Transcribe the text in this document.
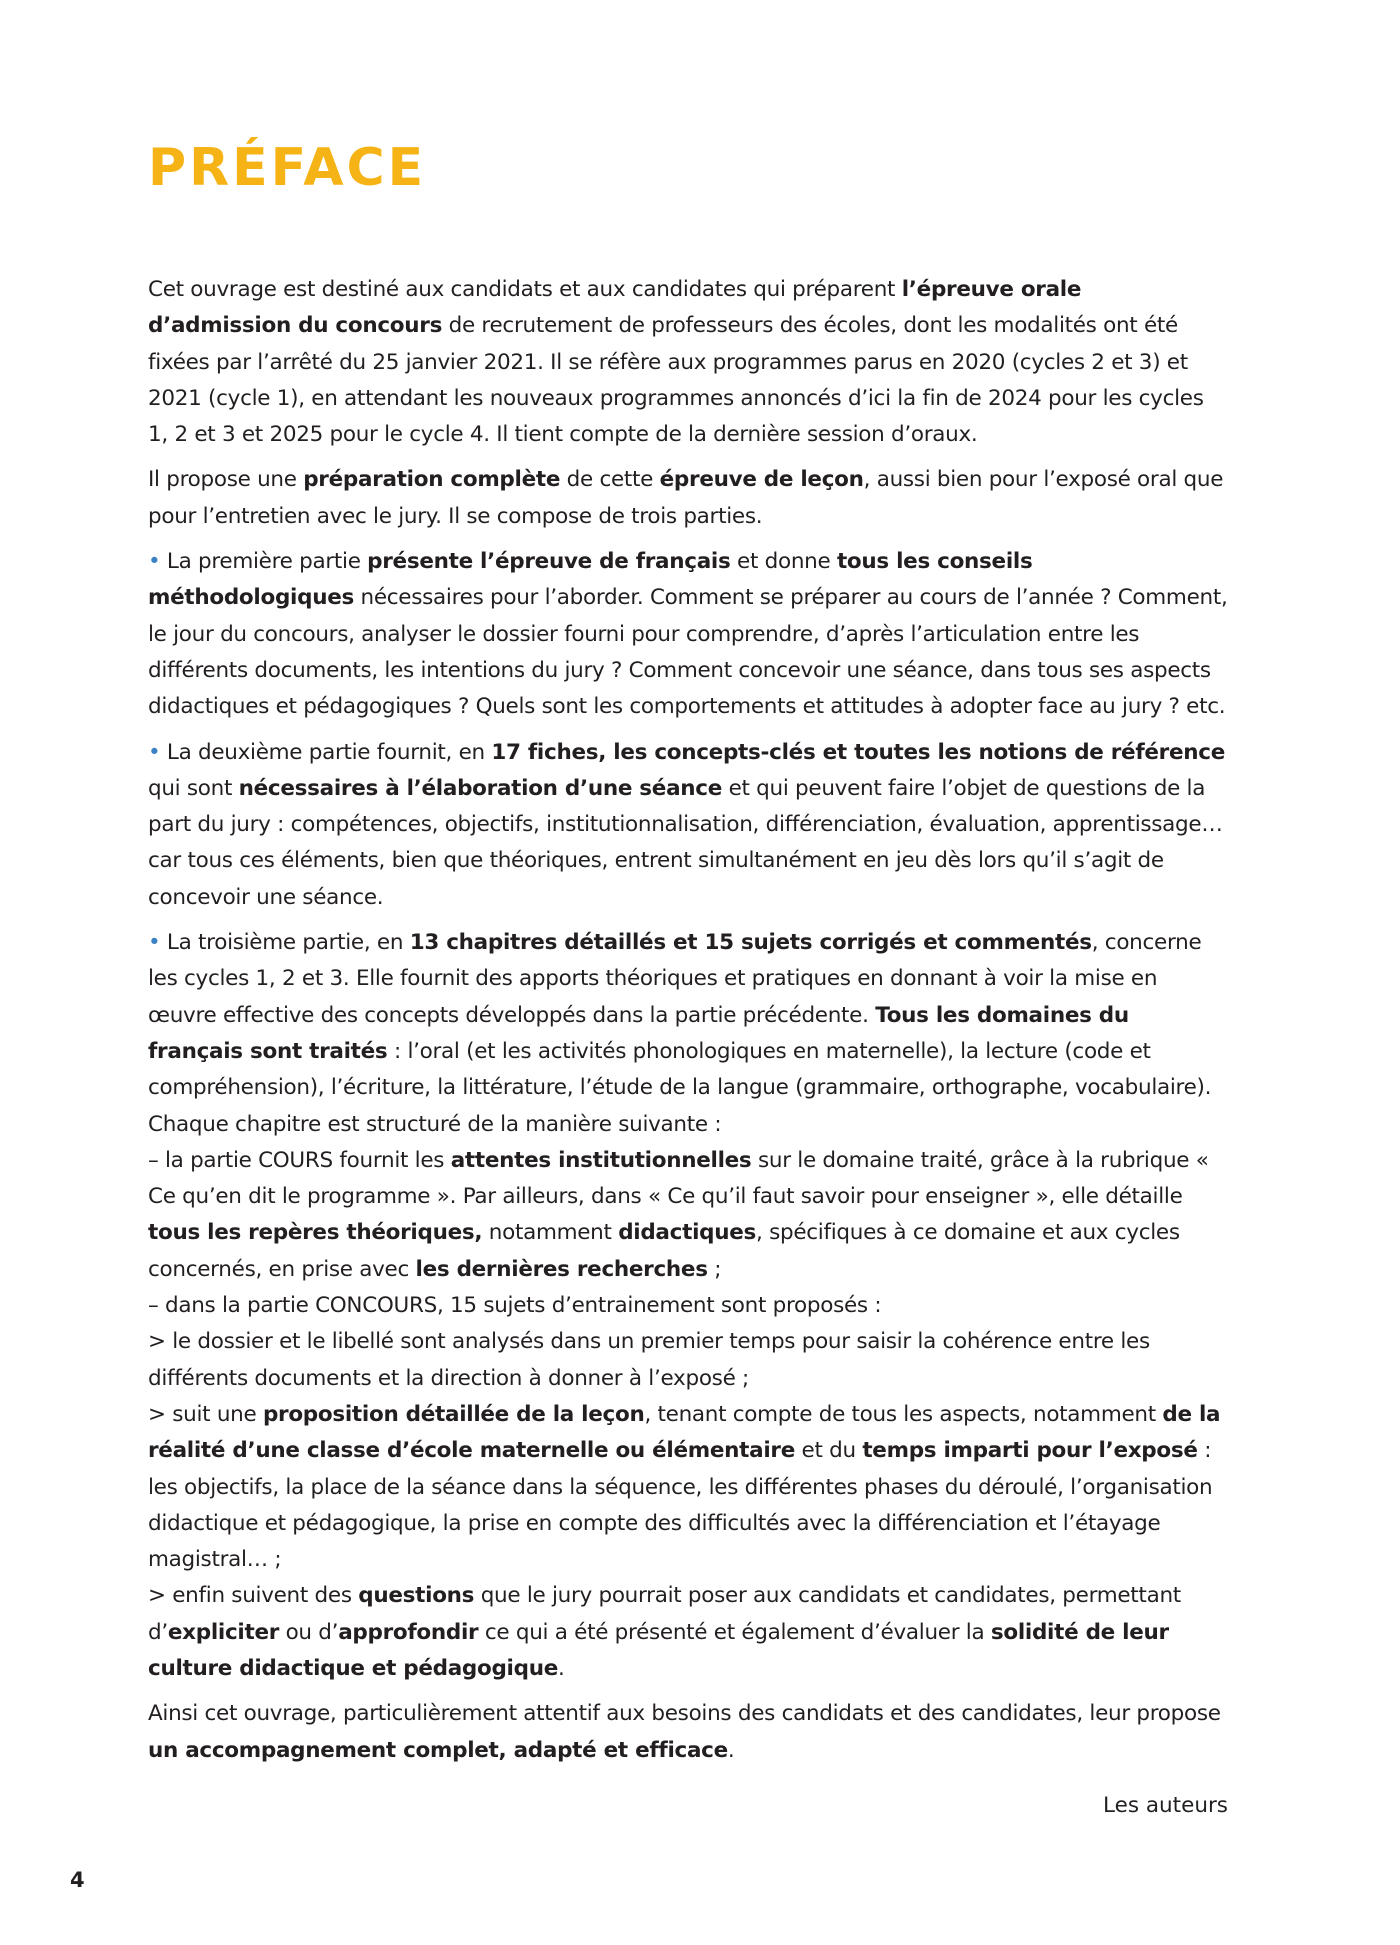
PRÉFACE

Cet ouvrage est destiné aux candidats et aux candidates qui préparent l’épreuve orale d’admission du concours de recrutement de professeurs des écoles, dont les modalités ont été fixées par l’arrêté du 25 janvier 2021. Il se réfère aux programmes parus en 2020 (cycles 2 et 3) et 2021 (cycle 1), en attendant les nouveaux programmes annoncés d’ici la fin de 2024 pour les cycles 1, 2 et 3 et 2025 pour le cycle 4. Il tient compte de la dernière session d’oraux.

Il propose une préparation complète de cette épreuve de leçon, aussi bien pour l’exposé oral que pour l’entretien avec le jury. Il se compose de trois parties.

• La première partie présente l’épreuve de français et donne tous les conseils méthodologiques nécessaires pour l’aborder. Comment se préparer au cours de l’année ? Comment, le jour du concours, analyser le dossier fourni pour comprendre, d’après l’articulation entre les différents documents, les intentions du jury ? Comment concevoir une séance, dans tous ses aspects didactiques et pédagogiques ? Quels sont les comportements et attitudes à adopter face au jury ? etc.

• La deuxième partie fournit, en 17 fiches, les concepts-clés et toutes les notions de référence qui sont nécessaires à l’élaboration d’une séance et qui peuvent faire l’objet de questions de la part du jury : compétences, objectifs, institutionnalisation, différenciation, évaluation, apprentissage… car tous ces éléments, bien que théoriques, entrent simultanément en jeu dès lors qu’il s’agit de concevoir une séance.

• La troisième partie, en 13 chapitres détaillés et 15 sujets corrigés et commentés, concerne les cycles 1, 2 et 3. Elle fournit des apports théoriques et pratiques en donnant à voir la mise en œuvre effective des concepts développés dans la partie précédente. Tous les domaines du français sont traités : l’oral (et les activités phonologiques en maternelle), la lecture (code et compréhension), l’écriture, la littérature, l’étude de la langue (grammaire, orthographe, vocabulaire). Chaque chapitre est structuré de la manière suivante :

– la partie COURS fournit les attentes institutionnelles sur le domaine traité, grâce à la rubrique « Ce qu’en dit le programme ». Par ailleurs, dans « Ce qu’il faut savoir pour enseigner », elle détaille tous les repères théoriques, notamment didactiques, spécifiques à ce domaine et aux cycles concernés, en prise avec les dernières recherches ;

– dans la partie CONCOURS, 15 sujets d’entrainement sont proposés :

> le dossier et le libellé sont analysés dans un premier temps pour saisir la cohérence entre les différents documents et la direction à donner à l’exposé ;

> suit une proposition détaillée de la leçon, tenant compte de tous les aspects, notamment de la réalité d’une classe d’école maternelle ou élémentaire et du temps imparti pour l’exposé : les objectifs, la place de la séance dans la séquence, les différentes phases du déroulé, l’organisation didactique et pédagogique, la prise en compte des difficultés avec la différenciation et l’étayage magistral… ;

> enfin suivent des questions que le jury pourrait poser aux candidats et candidates, permettant d’expliciter ou d’approfondir ce qui a été présenté et également d’évaluer la solidité de leur culture didactique et pédagogique.

Ainsi cet ouvrage, particulièrement attentif aux besoins des candidats et des candidates, leur propose un accompagnement complet, adapté et efficace.

Les auteurs
4
